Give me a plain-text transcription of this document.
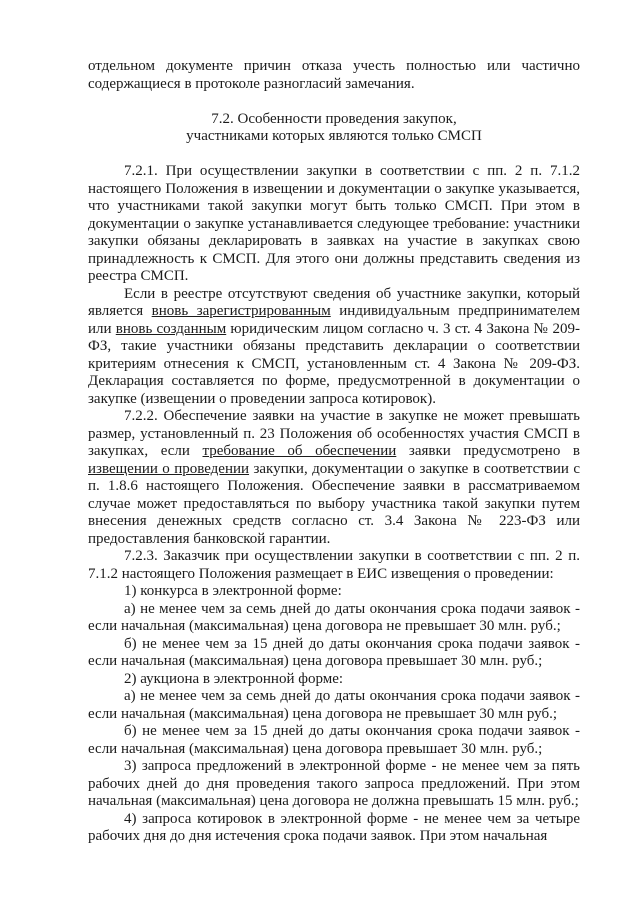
отдельном документе причин отказа учесть полностью или частично содержащиеся в протоколе разногласий замечания.

7.2. Особенности проведения закупок,

участниками которых являются только СМСП

7.2.1. При осуществлении закупки в соответствии с пп. 2 п. 7.1.2 настоящего Положения в извещении и документации о закупке указывается, что участниками такой закупки могут быть только СМСП. При этом в документации о закупке устанавливается следующее требование: участники закупки обязаны декларировать в заявках на участие в закупках свою принадлежность к СМСП. Для этого они должны представить сведения из реестра СМСП.

Если в реестре отсутствуют сведения об участнике закупки, который является вновь зарегистрированным индивидуальным предпринимателем или вновь созданным юридическим лицом согласно ч. 3 ст. 4 Закона № 209-ФЗ, такие участники обязаны представить декларации о соответствии критериям отнесения к СМСП, установленным ст. 4 Закона № 209-ФЗ. Декларация составляется по форме, предусмотренной в документации о закупке (извещении о проведении запроса котировок).

7.2.2. Обеспечение заявки на участие в закупке не может превышать размер, установленный п. 23 Положения об особенностях участия СМСП в закупках, если требование об обеспечении заявки предусмотрено в извещении о проведении закупки, документации о закупке в соответствии с п. 1.8.6 настоящего Положения. Обеспечение заявки в рассматриваемом случае может предоставляться по выбору участника такой закупки путем внесения денежных средств согласно ст. 3.4 Закона № 223-ФЗ или предоставления банковской гарантии.

7.2.3. Заказчик при осуществлении закупки в соответствии с пп. 2 п. 7.1.2 настоящего Положения размещает в ЕИС извещения о проведении:

1) конкурса в электронной форме:

а) не менее чем за семь дней до даты окончания срока подачи заявок - если начальная (максимальная) цена договора не превышает 30 млн. руб.;

б) не менее чем за 15 дней до даты окончания срока подачи заявок - если начальная (максимальная) цена договора превышает 30 млн. руб.;

2) аукциона в электронной форме:

а) не менее чем за семь дней до даты окончания срока подачи заявок - если начальная (максимальная) цена договора не превышает 30 млн руб.;

б) не менее чем за 15 дней до даты окончания срока подачи заявок - если начальная (максимальная) цена договора превышает 30 млн. руб.;

3) запроса предложений в электронной форме - не менее чем за пять рабочих дней до дня проведения такого запроса предложений. При этом начальная (максимальная) цена договора не должна превышать 15 млн. руб.;

4) запроса котировок в электронной форме - не менее чем за четыре рабочих дня до дня истечения срока подачи заявок. При этом начальная
